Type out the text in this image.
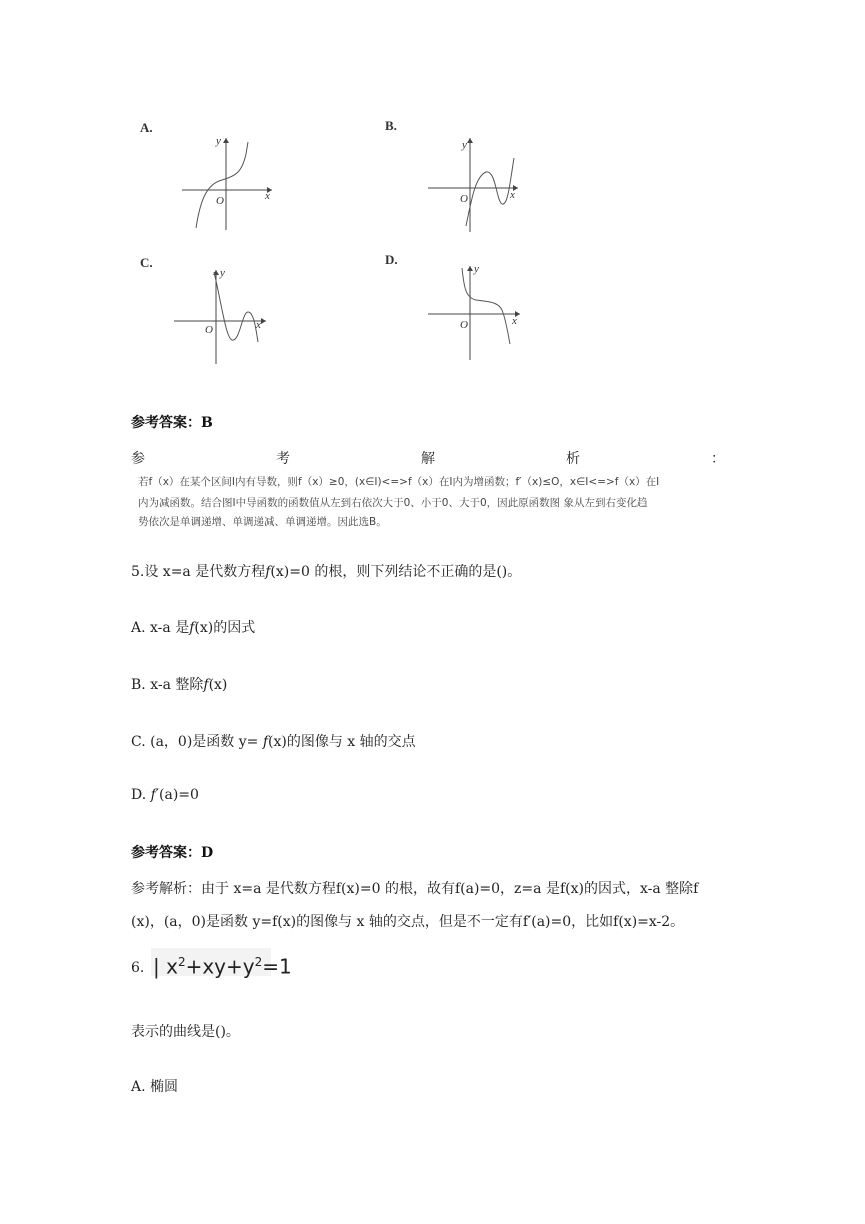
A.
y
x
O
B.
y
x
O
C.
y
x
O
D.
y
x
O
参考答案：B
参	考	解	析	：
若f（x）在某个区间I内有导数，则f（x）≥0，(x∈I)<=>f（x）在I内为增函数；f′（x)≤O，x∈I<=>f（x）在I
内为减函数。结合图I中导函数的函数值从左到右依次大于0、小于0、大于0，因此原函数图 象从左到右变化趋
势依次是单调递增、单调递减、单调递增。因此选B。
5.设 x=a 是代数方程f(x)=0 的根，则下列结论不正确的是()。
A. x-a 是f(x)的因式
B. x-a 整除f(x)
C. (a，0)是函数 y= f(x)的图像与 x 轴的交点
D. f′(a)=0
参考答案：D
参考解析：由于 x=a 是代数方程f(x)=0 的根，故有f(a)=0，z=a 是f(x)的因式，x-a 整除f
(x)，(a，0)是函数 y=f(x)的图像与 x 轴的交点，但是不一定有f′(a)=0，比如f(x)=x-2。
6. | $x^2+xy+y^2=1$
表示的曲线是()。
A. 椭圆
